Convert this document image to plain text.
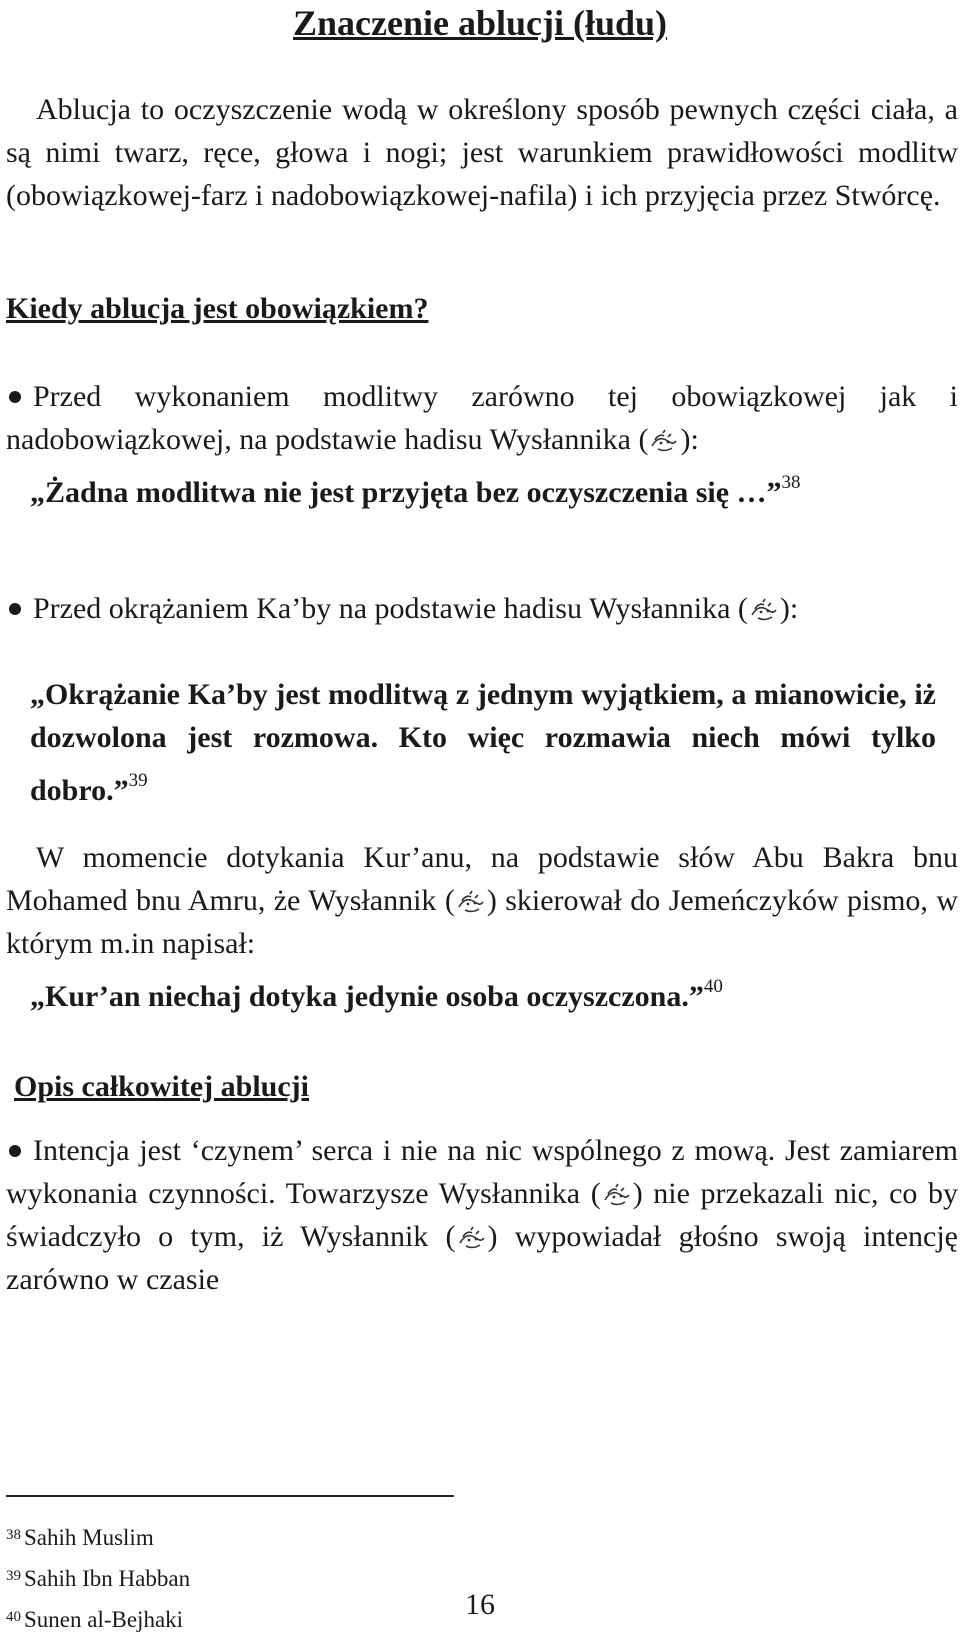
Znaczenie ablucji (łudu)

Ablucja to oczyszczenie wodą w określony sposób pewnych części ciała, a są nimi twarz, ręce, głowa i nogi; jest warunkiem prawidłowości modlitw (obowiązkowej-farz i nadobowiązkowej-nafila) i ich przyjęcia przez Stwórcę.

Kiedy ablucja jest obowiązkiem?

Przed wykonaniem modlitwy zarówno tej obowiązkowej jak i nadobowiązkowej, na podstawie hadisu Wysłannika ( ):

„Żadna modlitwa nie jest przyjęta bez oczyszczenia się …”$^{38}$

Przed okrążaniem Ka’by na podstawie hadisu Wysłannika ( ):

„Okrążanie Ka’by jest modlitwą z jednym wyjątkiem, a mianowicie, iż dozwolona jest rozmowa. Kto więc rozmawia niech mówi tylko dobro.”$^{39}$

W momencie dotykania Kur’anu, na podstawie słów Abu Bakra bnu Mohamed bnu Amru, że Wysłannik ( ) skierował do Jemeńczyków pismo, w którym m.in napisał:

„Kur’an niechaj dotyka jedynie osoba oczyszczona.”$^{40}$

Opis całkowitej ablucji

Intencja jest ‘czynem’ serca i nie na nic wspólnego z mową. Jest zamiarem wykonania czynności. Towarzysze Wysłannika ( ) nie przekazali nic, co by świadczyło o tym, iż Wysłannik ( ) wypowiadał głośno swoją intencję zarówno w czasie

$^{38}$ Sahih Muslim
$^{39}$ Sahih Ibn Habban
$^{40}$ Sunen al-Bejhaki	16
